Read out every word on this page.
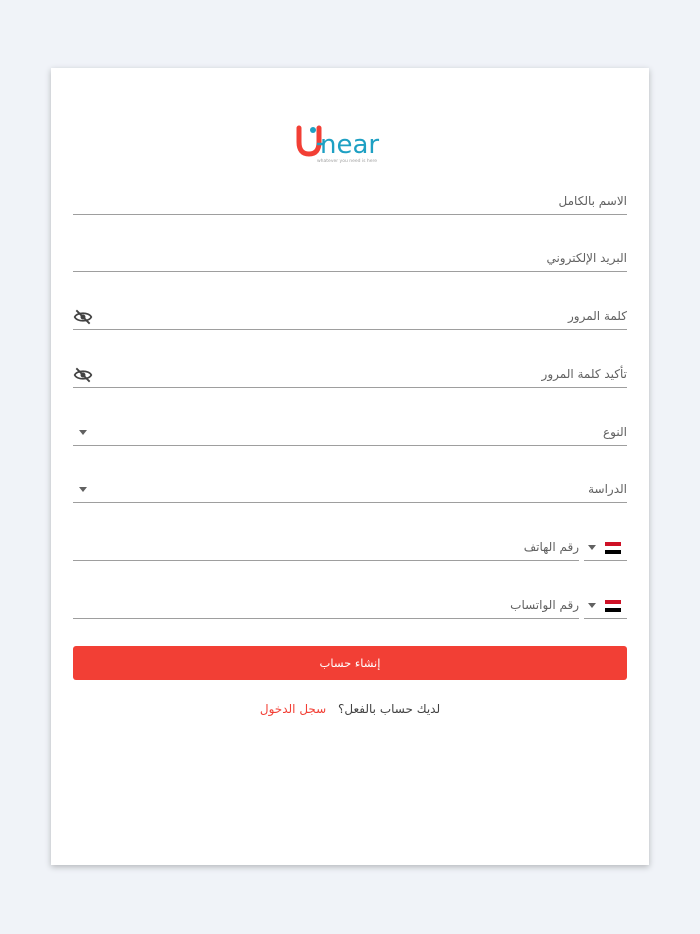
near
whatever you need is here
الاسم بالكامل
البريد الإلكتروني
كلمة المرور
تأكيد كلمة المرور
النوع
الدراسة
رقم الهاتف
رقم الواتساب
إنشاء حساب
لديك حساب بالفعل؟ سجل الدخول
